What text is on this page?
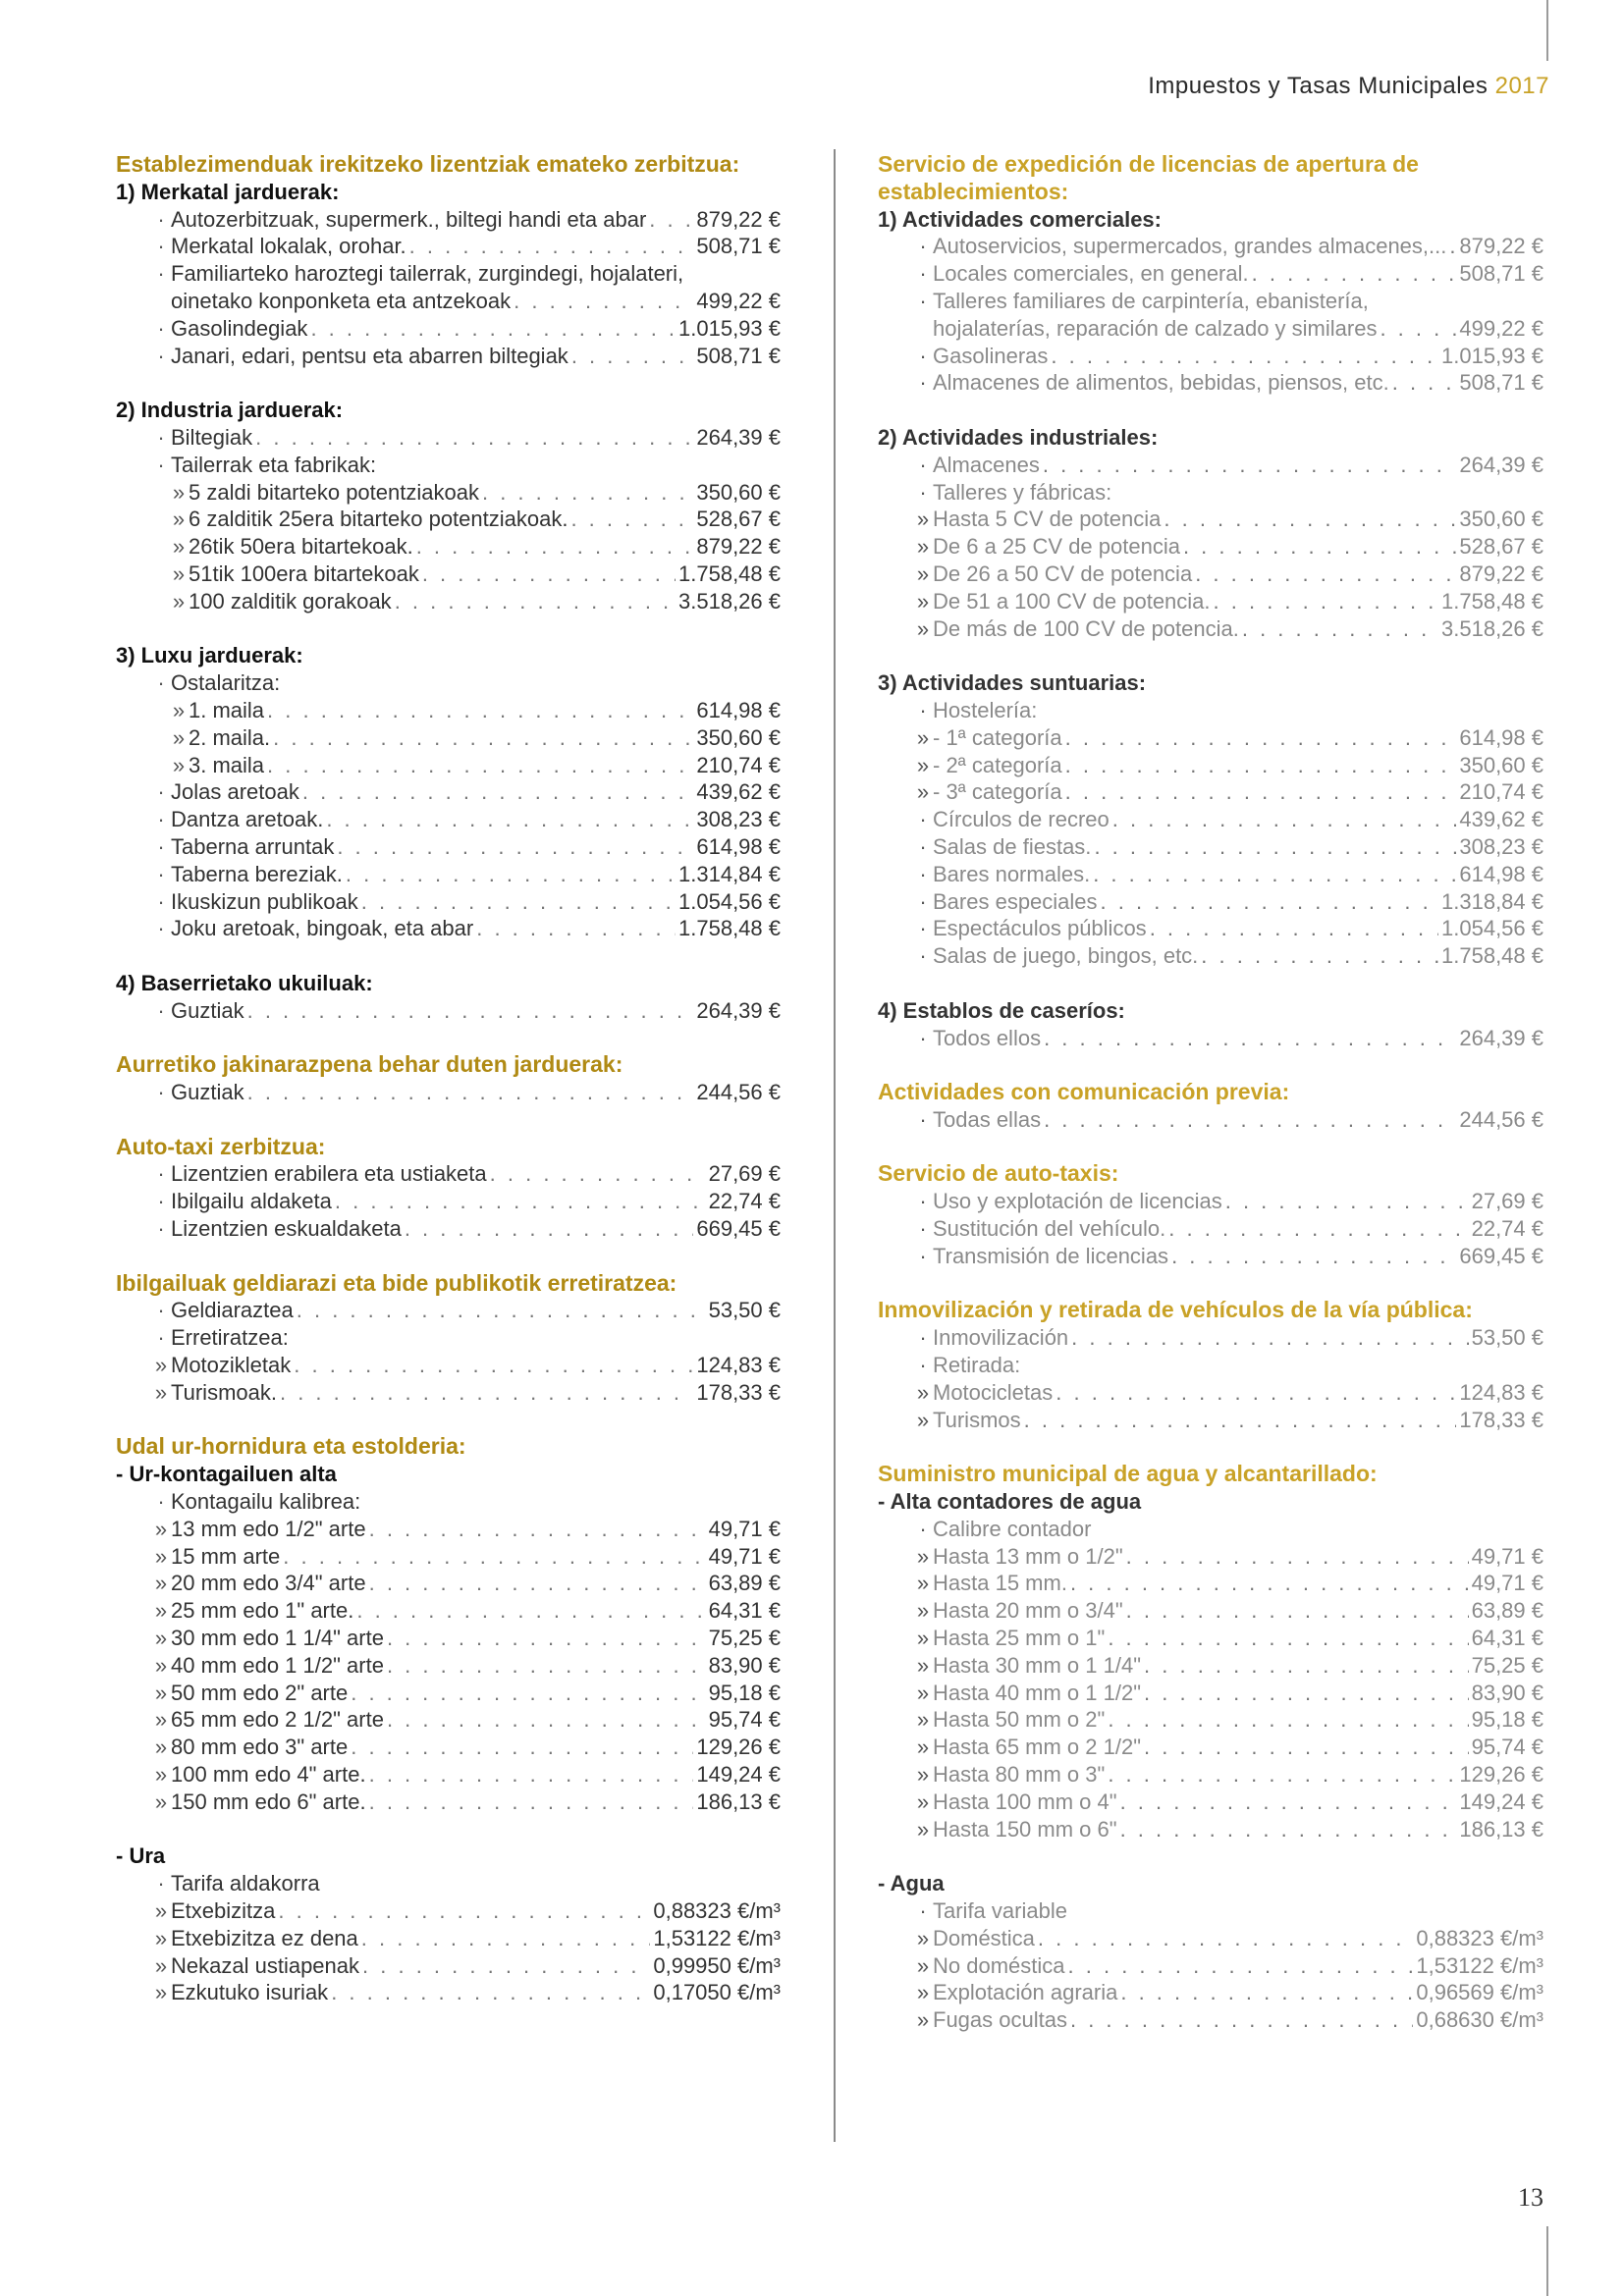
Impuestos y Tasas Municipales 2017
Establezimenduak irekitzeko lizentziak emateko zerbitzua:
1) Merkatal jarduerak:
· Autozerbitzuak, supermerk., biltegi handi eta abar . . . 879,22 €
· Merkatal lokalak, orohar. . . .	508,71 €
· Familiarteko haroztegi tailerrak, zurgindegi, hojalateri,
oinetako konponketa eta antzekoak . . .	499,22 €
· Gasolindegiak . . .	1.015,93 €
· Janari, edari, pentsu eta abarren biltegiak . . .	508,71 €
2) Industria jarduerak:
· Biltegiak . . .	264,39 €
· Tailerrak eta fabrikak:
» 5 zaldi bitarteko potentziakoak . . .	350,60 €
» 6 zalditik 25era bitarteko potentziakoak. . . .	528,67 €
» 26tik 50era bitartekoak. . . .	879,22 €
» 51tik 100era bitartekoak . . .	1.758,48 €
» 100 zalditik gorakoak . . .	3.518,26 €
3) Luxu jarduerak:
· Ostalaritza:
» 1. maila . . .	614,98 €
» 2. maila. . . .	350,60 €
» 3. maila . . .	210,74 €
· Jolas aretoak . . .	439,62 €
· Dantza aretoak. . . .	308,23 €
· Taberna arruntak . . .	614,98 €
· Taberna bereziak. . . .	1.314,84 €
· Ikuskizun publikoak . . .	1.054,56 €
· Joku aretoak, bingoak, eta abar . . .	1.758,48 €
4) Baserrietako ukuiluak:
· Guztiak . . .	264,39 €
Aurretiko jakinarazpena behar duten jarduerak:
· Guztiak . . .	244,56 €
Auto-taxi zerbitzua:
· Lizentzien erabilera eta ustiaketa . . .	27,69 €
· Ibilgailu aldaketa . . .	22,74 €
· Lizentzien eskualdaketa . . .	669,45 €
Ibilgailuak geldiarazi eta bide publikotik erretiratzea:
· Geldiaraztea . . .	53,50 €
· Erretiratzea:
» Motozikletak . . .	124,83 €
» Turismoak. . . .	178,33 €
Udal ur-hornidura eta estolderia:
- Ur-kontagailuen alta
· Kontagailu kalibrea:
» 13 mm edo 1/2" arte . . .	49,71 €
» 15 mm arte . . .	49,71 €
» 20 mm edo 3/4" arte . . .	63,89 €
» 25 mm edo 1" arte. . . .	64,31 €
» 30 mm edo 1 1/4" arte . . .	75,25 €
» 40 mm edo 1 1/2" arte . . .	83,90 €
» 50 mm edo 2" arte . . .	95,18 €
» 65 mm edo 2 1/2" arte . . .	95,74 €
» 80 mm edo 3" arte . . .	129,26 €
» 100 mm edo 4" arte. . . .	149,24 €
» 150 mm edo 6" arte. . . .	186,13 €
- Ura
· Tarifa aldakorra
» Etxebizitza . . .	0,88323 €/m³
» Etxebizitza ez dena . . .	1,53122 €/m³
» Nekazal ustiapenak . . .	0,99950 €/m³
» Ezkutuko isuriak . . .	0,17050 €/m³
Servicio de expedición de licencias de apertura de
establecimientos:
1) Actividades comerciales:
· Autoservicios, supermercados, grandes almacenes,... . . . 879,22 €
· Locales comerciales, en general. . . .	508,71 €
· Talleres familiares de carpintería, ebanistería,
hojalaterías, reparación de calzado y similares . . .	499,22 €
· Gasolineras . . .	1.015,93 €
· Almacenes de alimentos, bebidas, piensos, etc. . . .	508,71 €
2) Actividades industriales:
· Almacenes . . .	264,39 €
· Talleres y fábricas:
» Hasta 5 CV de potencia . . .	350,60 €
» De 6 a 25 CV de potencia . . .	528,67 €
» De 26 a 50 CV de potencia . . .	879,22 €
» De 51 a 100 CV de potencia. . . .	1.758,48 €
» De más de 100 CV de potencia. . . .	3.518,26 €
3) Actividades suntuarias:
· Hostelería:
» - 1ª categoría . . .	614,98 €
» - 2ª categoría . . .	350,60 €
» - 3ª categoría . . .	210,74 €
· Círculos de recreo . . .	439,62 €
· Salas de fiestas. . . .	308,23 €
· Bares normales. . . .	614,98 €
· Bares especiales . . .	1.318,84 €
· Espectáculos públicos . . .	1.054,56 €
· Salas de juego, bingos, etc. . . .	1.758,48 €
4) Establos de caseríos:
· Todos ellos . . .	264,39 €
Actividades con comunicación previa:
· Todas ellas . . .	244,56 €
Servicio de auto-taxis:
· Uso y explotación de licencias . . .	27,69 €
· Sustitución del vehículo. . . .	22,74 €
· Transmisión de licencias . . .	669,45 €
Inmovilización y retirada de vehículos de la vía pública:
· Inmovilización . . .	53,50 €
· Retirada:
» Motocicletas . . .	124,83 €
» Turismos . . .	178,33 €
Suministro municipal de agua y alcantarillado:
- Alta contadores de agua
· Calibre contador
» Hasta 13 mm o 1/2" . . .	49,71 €
» Hasta 15 mm. . . .	49,71 €
» Hasta 20 mm o 3/4" . . .	63,89 €
» Hasta 25 mm o 1" . . .	64,31 €
» Hasta 30 mm o 1 1/4" . . .	75,25 €
» Hasta 40 mm o 1 1/2" . . .	83,90 €
» Hasta 50 mm o 2" . . .	95,18 €
» Hasta 65 mm o 2 1/2" . . .	95,74 €
» Hasta 80 mm o 3" . . .	129,26 €
» Hasta 100 mm o 4" . . .	149,24 €
» Hasta 150 mm o 6" . . .	186,13 €
- Agua
· Tarifa variable
» Doméstica . . .	0,88323 €/m³
» No doméstica . . .	1,53122 €/m³
» Explotación agraria . . .	0,96569 €/m³
» Fugas ocultas . . .	0,68630 €/m³
13
